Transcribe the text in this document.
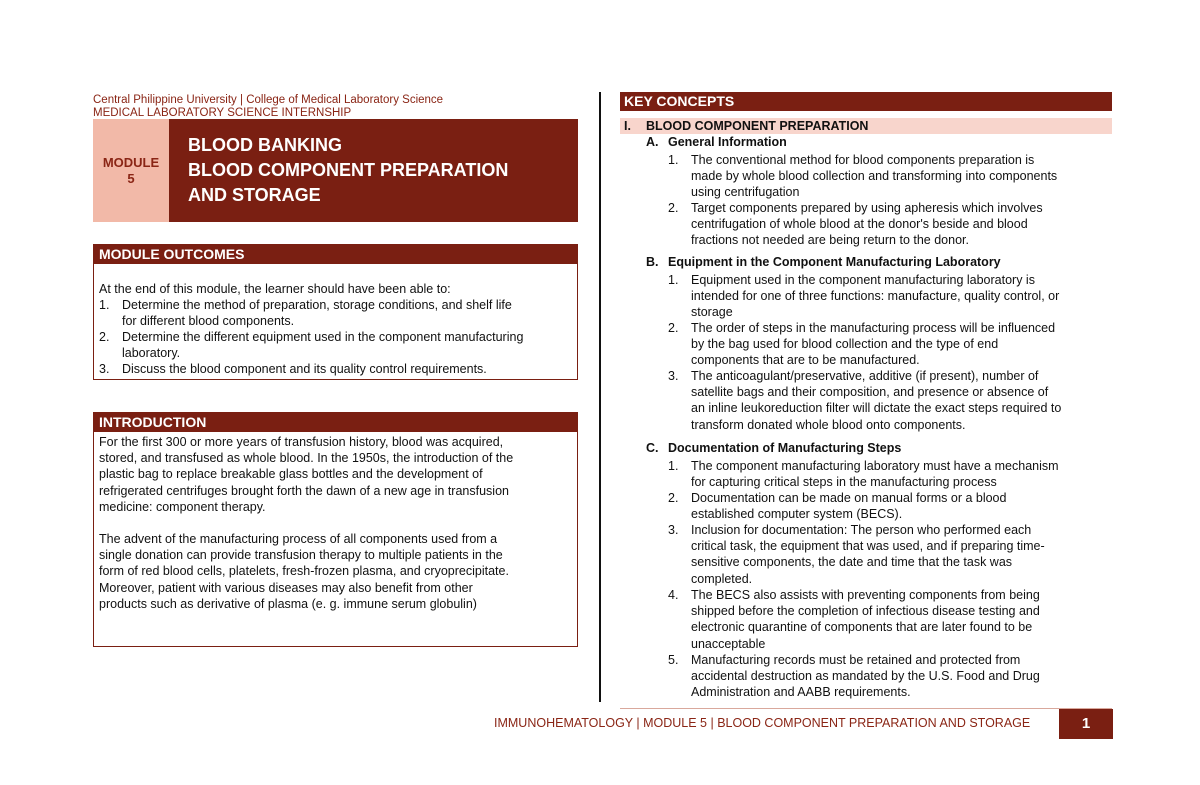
Central Philippine University | College of Medical Laboratory Science
MEDICAL LABORATORY SCIENCE INTERNSHIP
MODULE
5
BLOOD BANKING
BLOOD COMPONENT PREPARATION
AND STORAGE
MODULE OUTCOMES
At the end of this module, the learner should have been able to:
1. Determine the method of preparation, storage conditions, and shelf life
for different blood components.
2. Determine the different equipment used in the component manufacturing
laboratory.
3. Discuss the blood component and its quality control requirements.
INTRODUCTION
For the first 300 or more years of transfusion history, blood was acquired,
stored, and transfused as whole blood. In the 1950s, the introduction of the
plastic bag to replace breakable glass bottles and the development of
refrigerated centrifuges brought forth the dawn of a new age in transfusion
medicine: component therapy.
The advent of the manufacturing process of all components used from a
single donation can provide transfusion therapy to multiple patients in the
form of red blood cells, platelets, fresh-frozen plasma, and cryoprecipitate.
Moreover, patient with various diseases may also benefit from other
products such as derivative of plasma (e. g. immune serum globulin)
KEY CONCEPTS
I. BLOOD COMPONENT PREPARATION
A. General Information
1. The conventional method for blood components preparation is
made by whole blood collection and transforming into components
using centrifugation
2. Target components prepared by using apheresis which involves
centrifugation of whole blood at the donor's beside and blood
fractions not needed are being return to the donor.
B. Equipment in the Component Manufacturing Laboratory
1. Equipment used in the component manufacturing laboratory is
intended for one of three functions: manufacture, quality control, or
storage
2. The order of steps in the manufacturing process will be influenced
by the bag used for blood collection and the type of end
components that are to be manufactured.
3. The anticoagulant/preservative, additive (if present), number of
satellite bags and their composition, and presence or absence of
an inline leukoreduction filter will dictate the exact steps required to
transform donated whole blood onto components.
C. Documentation of Manufacturing Steps
1. The component manufacturing laboratory must have a mechanism
for capturing critical steps in the manufacturing process
2. Documentation can be made on manual forms or a blood
established computer system (BECS).
3. Inclusion for documentation: The person who performed each
critical task, the equipment that was used, and if preparing time-
sensitive components, the date and time that the task was
completed.
4. The BECS also assists with preventing components from being
shipped before the completion of infectious disease testing and
electronic quarantine of components that are later found to be
unacceptable
5. Manufacturing records must be retained and protected from
accidental destruction as mandated by the U.S. Food and Drug
Administration and AABB requirements.
IMMUNOHEMATOLOGY | MODULE 5 | BLOOD COMPONENT PREPARATION AND STORAGE	1
